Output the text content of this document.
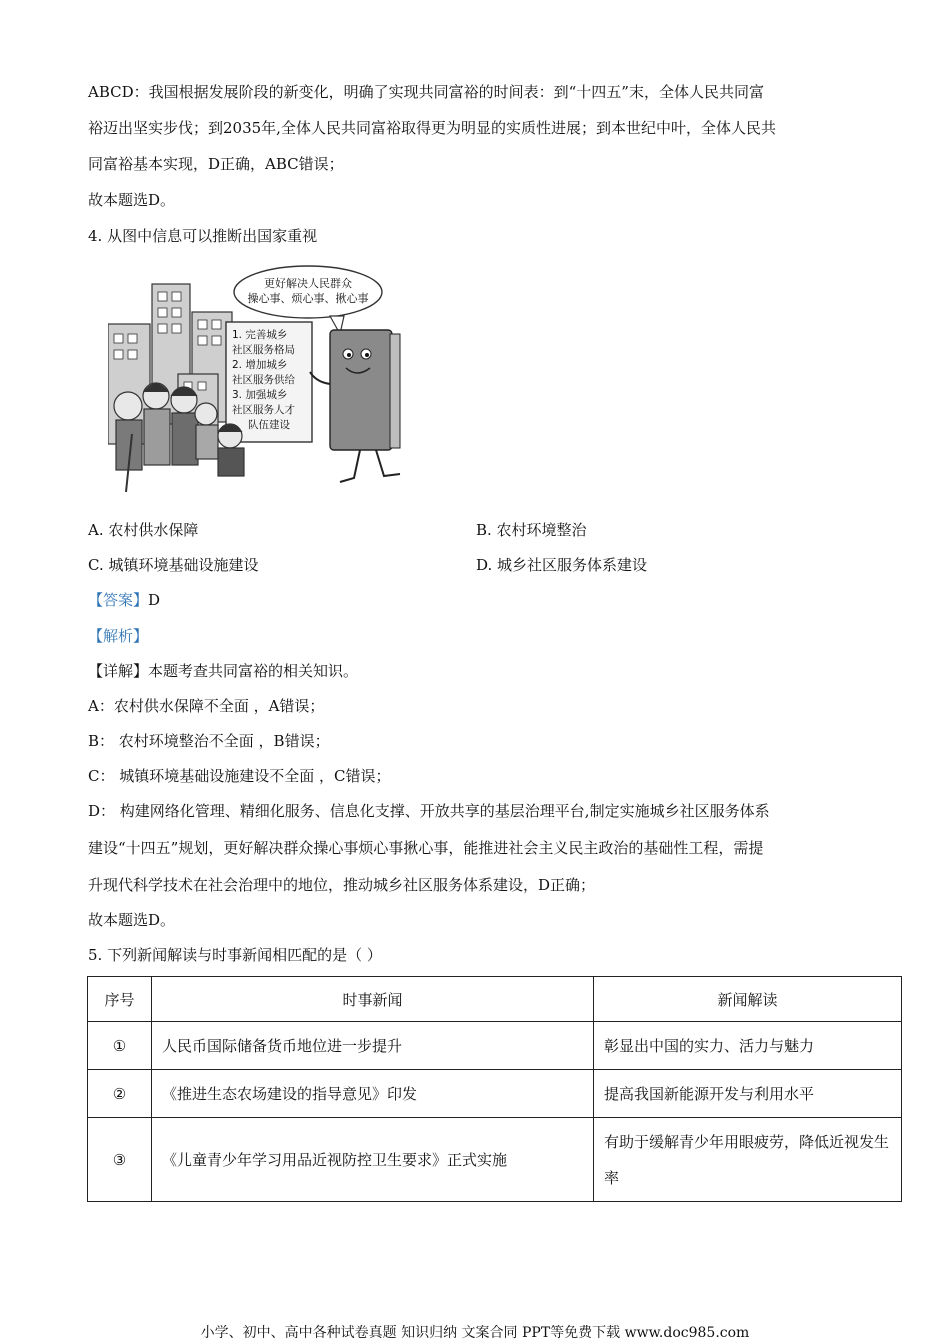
ABCD：我国根据发展阶段的新变化，明确了实现共同富裕的时间表：到“十四五”末，全体人民共同富
裕迈出坚实步伐；到2035年,全体人民共同富裕取得更为明显的实质性进展；到本世纪中叶，全体人民共
同富裕基本实现，D正确，ABC错误；
故本题选D。
4. 从图中信息可以推断出国家重视
更好解决人民群众
操心事、烦心事、揪心事
1. 完善城乡
社区服务格局
2. 增加城乡
社区服务供给
3. 加强城乡
社区服务人才
队伍建设
A. 农村供水保障	B. 农村环境整治
C. 城镇环境基础设施建设	D. 城乡社区服务体系建设
【答案】D
【解析】
【详解】本题考查共同富裕的相关知识。
A：农村供水保障不全面 ，A错误；
B： 农村环境整治不全面 ，B错误；
C： 城镇环境基础设施建设不全面 ，C错误；
D： 构建网络化管理、精细化服务、信息化支撑、开放共享的基层治理平台,制定实施城乡社区服务体系
建设“十四五”规划，更好解决群众操心事烦心事揪心事，能推进社会主义民主政治的基础性工程，需提
升现代科学技术在社会治理中的地位，推动城乡社区服务体系建设，D正确；
故本题选D。
5. 下列新闻解读与时事新闻相匹配的是（ ）
序号	时事新闻	新闻解读
①	人民币国际储备货币地位进一步提升	彰显出中国的实力、活力与魅力
②	《推进生态农场建设的指导意见》印发	提高我国新能源开发与利用水平
③	《儿童青少年学习用品近视防控卫生要求》正式实施	有助于缓解青少年用眼疲劳，降低近视发生率
小学、初中、高中各种试卷真题 知识归纳 文案合同 PPT等免费下载 www.doc985.com
